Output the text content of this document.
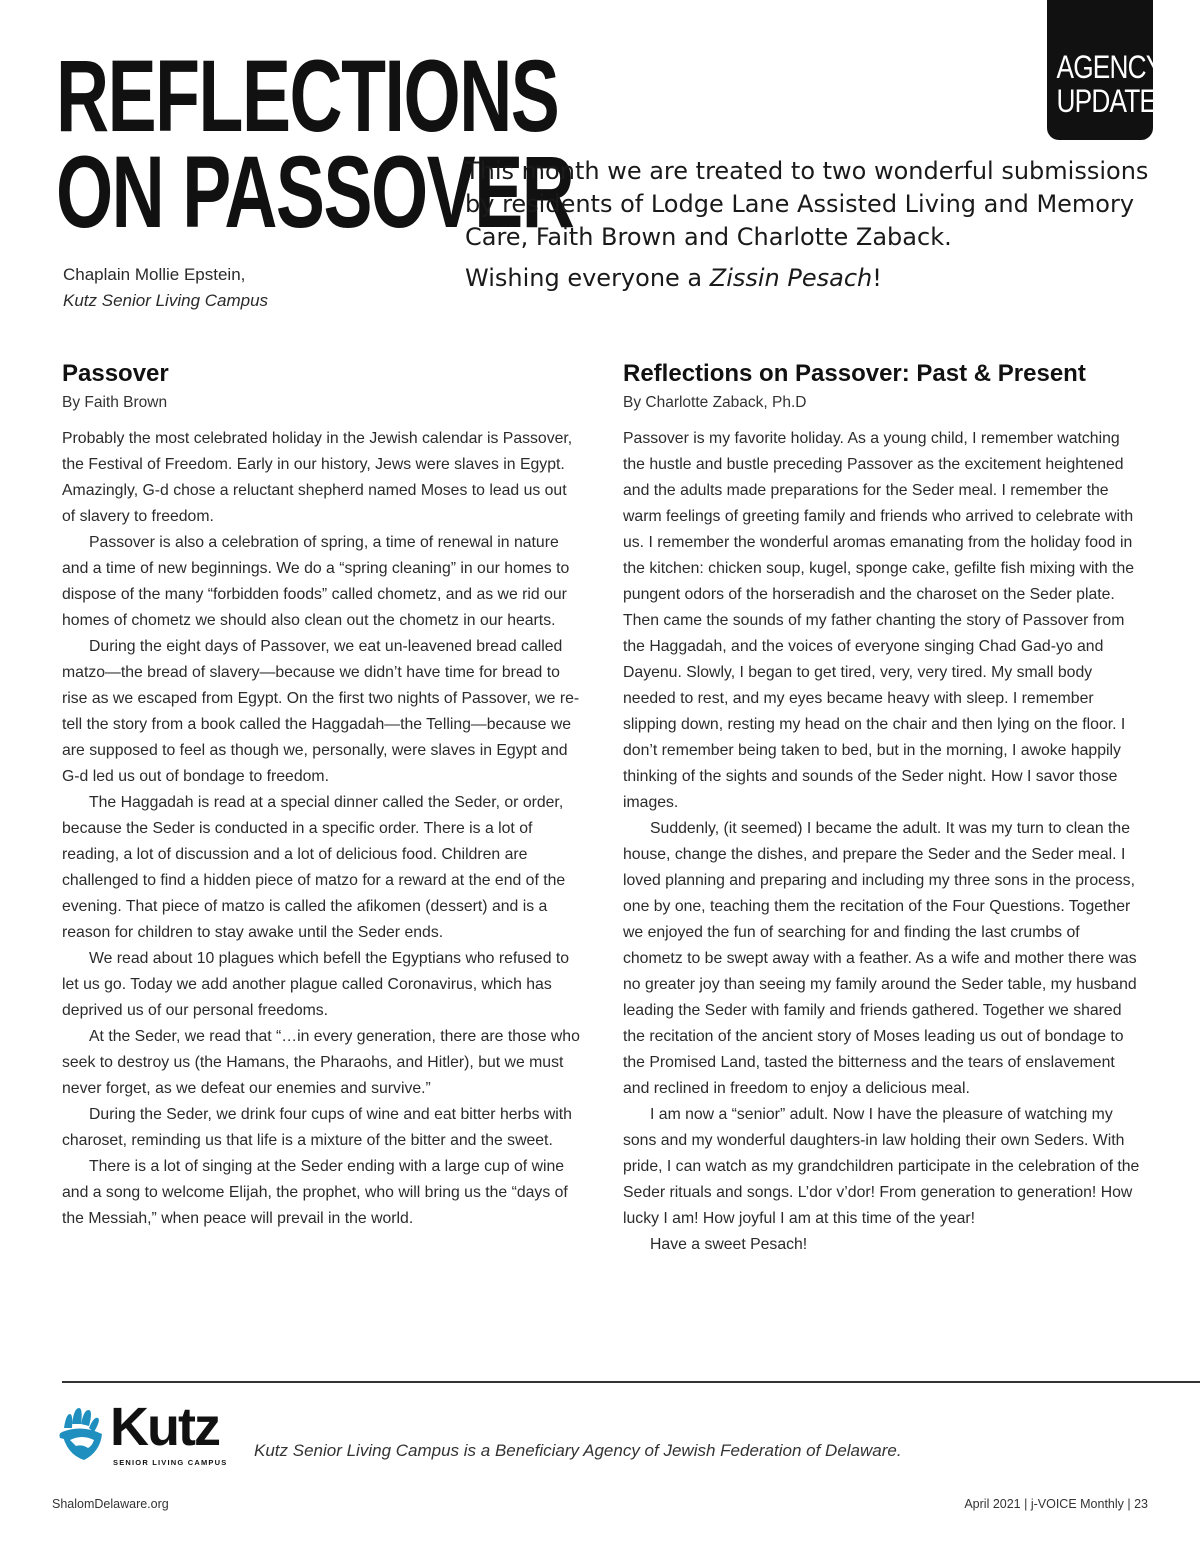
AGENCY
UPDATE
REFLECTIONS
ON PASSOVER
Chaplain Mollie Epstein,
Kutz Senior Living Campus
This month we are treated to two wonderful submissions by residents of Lodge Lane Assisted Living and Memory Care, Faith Brown and Charlotte Zaback.
Wishing everyone a Zissin Pesach!
Passover
By Faith Brown

Probably the most celebrated holiday in the Jewish calendar is Passover, the Festival of Freedom. Early in our history, Jews were slaves in Egypt. Amazingly, G-d chose a reluctant shepherd named Moses to lead us out of slavery to freedom.

Passover is also a celebration of spring, a time of renewal in nature and a time of new beginnings. We do a “spring cleaning” in our homes to dispose of the many “forbidden foods” called chometz, and as we rid our homes of chometz we should also clean out the chometz in our hearts.

During the eight days of Passover, we eat un-leavened bread called matzo—the bread of slavery—because we didn’t have time for bread to rise as we escaped from Egypt. On the first two nights of Passover, we re-tell the story from a book called the Haggadah—the Telling—because we are supposed to feel as though we, personally, were slaves in Egypt and G-d led us out of bondage to freedom.

The Haggadah is read at a special dinner called the Seder, or order, because the Seder is conducted in a specific order. There is a lot of reading, a lot of discussion and a lot of delicious food. Children are challenged to find a hidden piece of matzo for a reward at the end of the evening. That piece of matzo is called the afikomen (dessert) and is a reason for children to stay awake until the Seder ends.

We read about 10 plagues which befell the Egyptians who refused to let us go. Today we add another plague called Coronavirus, which has deprived us of our personal freedoms.

At the Seder, we read that “…in every generation, there are those who seek to destroy us (the Hamans, the Pharaohs, and Hitler), but we must never forget, as we defeat our enemies and survive.”

During the Seder, we drink four cups of wine and eat bitter herbs with charoset, reminding us that life is a mixture of the bitter and the sweet.

There is a lot of singing at the Seder ending with a large cup of wine and a song to welcome Elijah, the prophet, who will bring us the “days of the Messiah,” when peace will prevail in the world.

Reflections on Passover: Past & Present
By Charlotte Zaback, Ph.D

Passover is my favorite holiday. As a young child, I remember watching the hustle and bustle preceding Passover as the excitement heightened and the adults made preparations for the Seder meal. I remember the warm feelings of greeting family and friends who arrived to celebrate with us. I remember the wonderful aromas emanating from the holiday food in the kitchen: chicken soup, kugel, sponge cake, gefilte fish mixing with the pungent odors of the horseradish and the charoset on the Seder plate. Then came the sounds of my father chanting the story of Passover from the Haggadah, and the voices of everyone singing Chad Gad-yo and Dayenu. Slowly, I began to get tired, very, very tired. My small body needed to rest, and my eyes became heavy with sleep. I remember slipping down, resting my head on the chair and then lying on the floor. I don’t remember being taken to bed, but in the morning, I awoke happily thinking of the sights and sounds of the Seder night. How I savor those images.

Suddenly, (it seemed) I became the adult. It was my turn to clean the house, change the dishes, and prepare the Seder and the Seder meal. I loved planning and preparing and including my three sons in the process, one by one, teaching them the recitation of the Four Questions. Together we enjoyed the fun of searching for and finding the last crumbs of chometz to be swept away with a feather. As a wife and mother there was no greater joy than seeing my family around the Seder table, my husband leading the Seder with family and friends gathered. Together we shared the recitation of the ancient story of Moses leading us out of bondage to the Promised Land, tasted the bitterness and the tears of enslavement and reclined in freedom to enjoy a delicious meal.

I am now a “senior” adult. Now I have the pleasure of watching my sons and my wonderful daughters-in law holding their own Seders. With pride, I can watch as my grandchildren participate in the celebration of the Seder rituals and songs. L’dor v’dor! From generation to generation! How lucky I am! How joyful I am at this time of the year!

Have a sweet Pesach!

Kutz
SENIOR LIVING CAMPUS
Kutz Senior Living Campus is a Beneficiary Agency of Jewish Federation of Delaware.
ShalomDelaware.org	April 2021 | j-VOICE Monthly | 23
